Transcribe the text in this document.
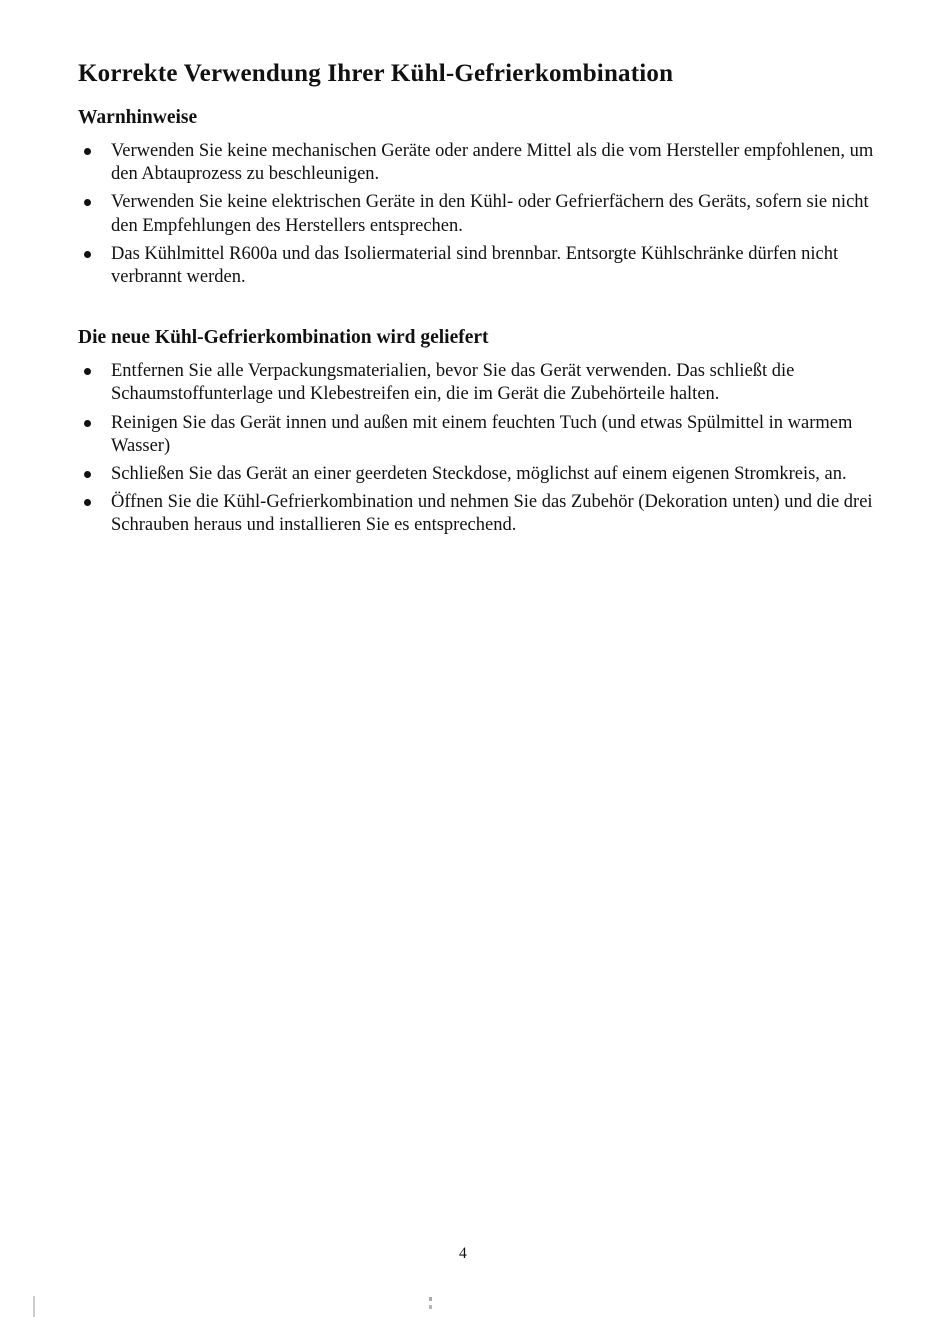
Korrekte Verwendung Ihrer Kühl-Gefrierkombination
Warnhinweise
Verwenden Sie keine mechanischen Geräte oder andere Mittel als die vom Hersteller empfohlenen, um den Abtauprozess zu beschleunigen.
Verwenden Sie keine elektrischen Geräte in den Kühl- oder Gefrierfächern des Geräts, sofern sie nicht den Empfehlungen des Herstellers entsprechen.
Das Kühlmittel R600a und das Isoliermaterial sind brennbar. Entsorgte Kühlschränke dürfen nicht verbrannt werden.
Die neue Kühl-Gefrierkombination wird geliefert
Entfernen Sie alle Verpackungsmaterialien, bevor Sie das Gerät verwenden. Das schließt die Schaumstoffunterlage und Klebestreifen ein, die im Gerät die Zubehörteile halten.
Reinigen Sie das Gerät innen und außen mit einem feuchten Tuch (und etwas Spülmittel in warmem Wasser)
Schließen Sie das Gerät an einer geerdeten Steckdose, möglichst auf einem eigenen Stromkreis, an.
Öffnen Sie die Kühl-Gefrierkombination und nehmen Sie das Zubehör (Dekoration unten) und die drei Schrauben heraus und installieren Sie es entsprechend.
4
